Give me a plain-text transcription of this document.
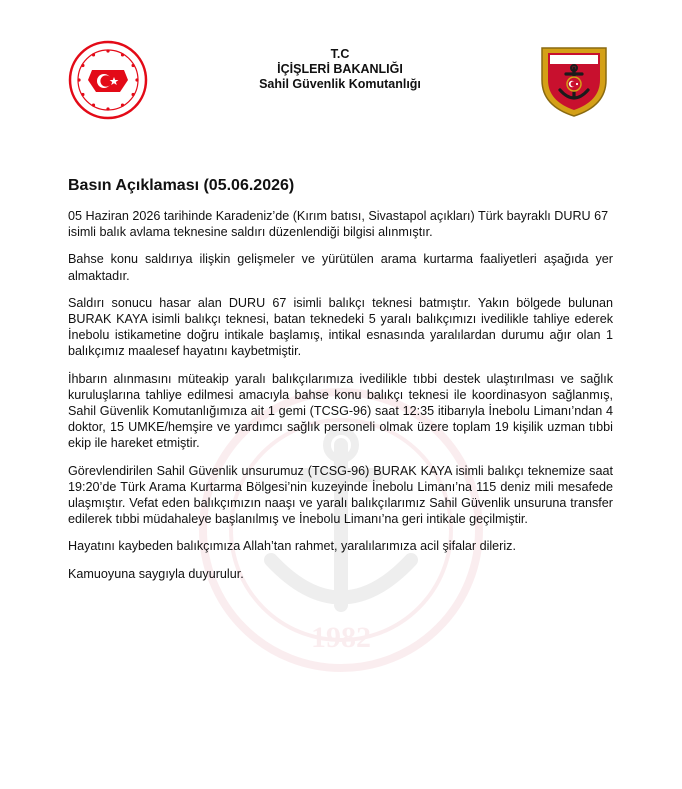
1982

T.C

İÇİŞLERİ BAKANLIĞI

Sahil Güvenlik Komutanlığı

Basın Açıklaması (05.06.2026)

05 Haziran 2026 tarihinde Karadeniz’de (Kırım batısı, Sivastapol açıkları) Türk bayraklı DURU 67 isimli balık avlama teknesine saldırı düzenlendiği bilgisi alınmıştır.

Bahse konu saldırıya ilişkin gelişmeler ve yürütülen arama kurtarma faaliyetleri aşağıda yer almaktadır.

Saldırı sonucu hasar alan DURU 67 isimli balıkçı teknesi batmıştır. Yakın bölgede bulunan BURAK KAYA isimli balıkçı teknesi, batan teknedeki 5 yaralı balıkçımızı ivedilikle tahliye ederek İnebolu istikametine doğru intikale başlamış, intikal esnasında yaralılardan durumu ağır olan 1 balıkçımız maalesef hayatını kaybetmiştir.

İhbarın alınmasını müteakip yaralı balıkçılarımıza ivedilikle tıbbi destek ulaştırılması ve sağlık kuruluşlarına tahliye edilmesi amacıyla bahse konu balıkçı teknesi ile koordinasyon sağlanmış, Sahil Güvenlik Komutanlığımıza ait 1 gemi (TCSG-96) saat 12:35 itibarıyla İnebolu Limanı’ndan 4 doktor, 15 UMKE/hemşire ve yardımcı sağlık personeli olmak üzere toplam 19 kişilik uzman tıbbi ekip ile hareket etmiştir.

Görevlendirilen Sahil Güvenlik unsurumuz (TCSG-96) BURAK KAYA isimli balıkçı teknemize saat 19:20’de Türk Arama Kurtarma Bölgesi’nin kuzeyinde İnebolu Limanı’na 115 deniz mili mesafede ulaşmıştır. Vefat eden balıkçımızın naaşı ve yaralı balıkçılarımız Sahil Güvenlik unsuruna transfer edilerek tıbbi müdahaleye başlanılmış ve İnebolu Limanı’na geri intikale geçilmiştir.

Hayatını kaybeden balıkçımıza Allah’tan rahmet, yaralılarımıza acil şifalar dileriz.

Kamuoyuna saygıyla duyurulur.
